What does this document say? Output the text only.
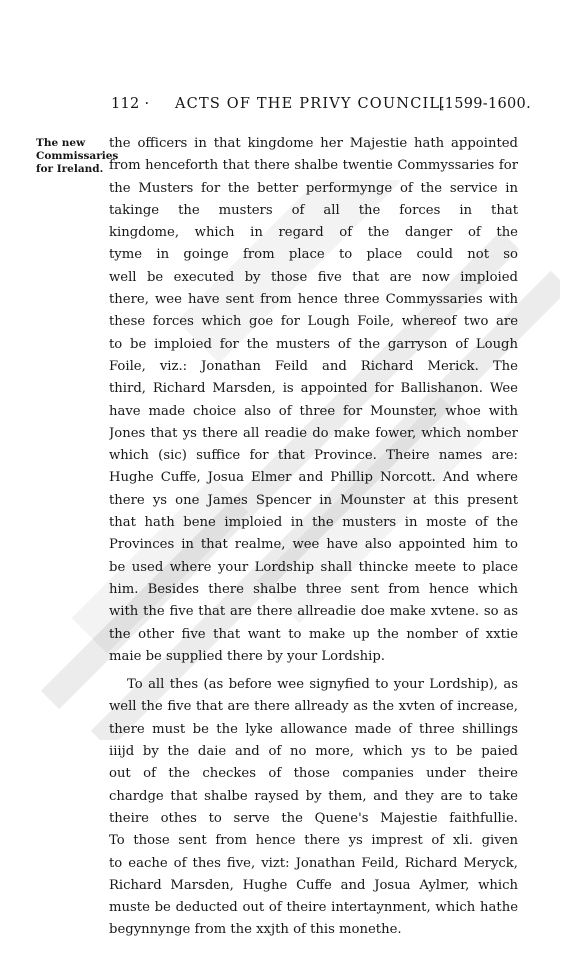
112 · ACTS OF THE PRIVY COUNCIL.
[1599-1600.
The new
Commissaries
for Ireland.
the officers in that kingdome her Majestie hath appointed
from henceforth that there shalbe twentie Commyssaries for
the Musters for the better performynge of the service in
takinge the musters of all the forces in that
kingdome, which in regard of the danger of the
tyme in goinge from place to place could not so
well be executed by those five that are now imploied
there, wee have sent from hence three Commyssaries with
these forces which goe for Lough Foile, whereof two are
to be imploied for the musters of the garryson of Lough
Foile, viz.: Jonathan Feild and Richard Merick. The
third, Richard Marsden, is appointed for Ballishanon. Wee
have made choice also of three for Mounster, whoe with
Jones that ys there all readie do make fower, which nomber
which (sic) suffice for that Province. Theire names are:
Hughe Cuffe, Josua Elmer and Phillip Norcott. And where
there ys one James Spencer in Mounster at this present
that hath bene imploied in the musters in moste of the
Provinces in that realme, wee have also appointed him to
be used where your Lordship shall thincke meete to place
him. Besides there shalbe three sent from hence which
with the five that are there allreadie doe make xvtene. so as
the other five that want to make up the nomber of xxtie
maie be supplied there by your Lordship.
To all thes (as before wee signyfied to your Lordship), as
well the five that are there allready as the xvten of increase,
there must be the lyke allowance made of three shillings
iiijd by the daie and of no more, which ys to be paied
out of the checkes of those companies under theire
chardge that shalbe raysed by them, and they are to take
theire othes to serve the Quene's Majestie faithfullie.
To those sent from hence there ys imprest of xli. given
to eache of thes five, vizt: Jonathan Feild, Richard Meryck,
Richard Marsden, Hughe Cuffe and Josua Aylmer, which
muste be deducted out of theire intertaynment, which hathe
begynnynge from the xxjth of this monethe.
